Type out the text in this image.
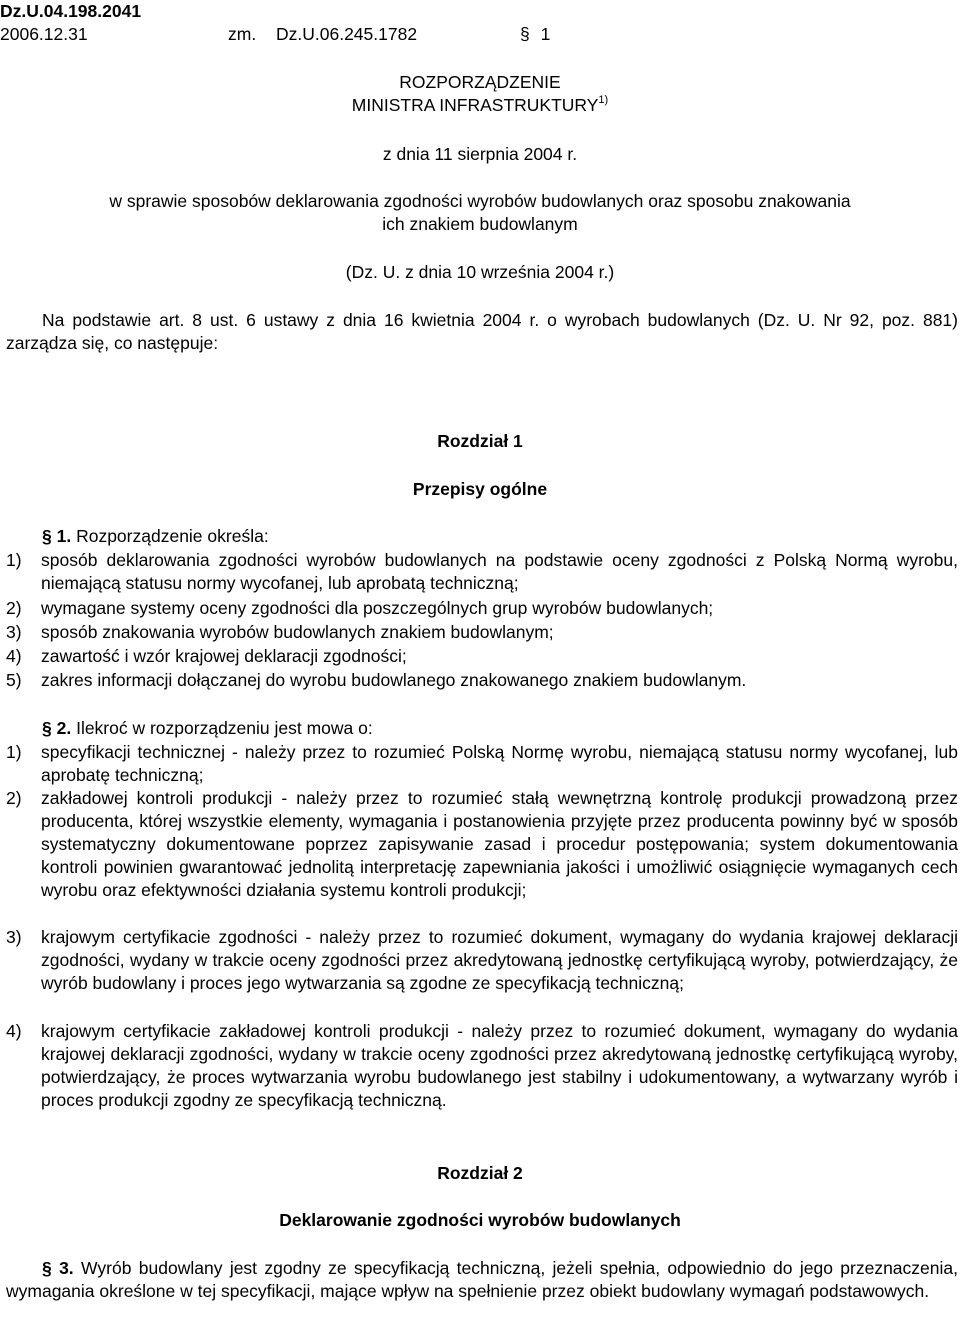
Dz.U.04.198.2041
2006.12.31	zm. Dz.U.06.245.1782	§ 1
ROZPORZĄDZENIE
MINISTRA INFRASTRUKTURY$^{1)}$
z dnia 11 sierpnia 2004 r.
w sprawie sposobów deklarowania zgodności wyrobów budowlanych oraz sposobu znakowania
ich znakiem budowlanym
(Dz. U. z dnia 10 września 2004 r.)
Na podstawie art. 8 ust. 6 ustawy z dnia 16 kwietnia 2004 r. o wyrobach budowlanych (Dz. U. Nr 92, poz. 881) zarządza się, co następuje:
Rozdział 1
Przepisy ogólne
§ 1. Rozporządzenie określa:
1) sposób deklarowania zgodności wyrobów budowlanych na podstawie oceny zgodności z Polską Normą wyrobu, niemającą statusu normy wycofanej, lub aprobatą techniczną;
2) wymagane systemy oceny zgodności dla poszczególnych grup wyrobów budowlanych;
3) sposób znakowania wyrobów budowlanych znakiem budowlanym;
4) zawartość i wzór krajowej deklaracji zgodności;
5) zakres informacji dołączanej do wyrobu budowlanego znakowanego znakiem budowlanym.
§ 2. Ilekroć w rozporządzeniu jest mowa o:
1) specyfikacji technicznej - należy przez to rozumieć Polską Normę wyrobu, niemającą statusu normy wycofanej, lub aprobatę techniczną;
2) zakładowej kontroli produkcji - należy przez to rozumieć stałą wewnętrzną kontrolę produkcji prowadzoną przez producenta, której wszystkie elementy, wymagania i postanowienia przyjęte przez producenta powinny być w sposób systematyczny dokumentowane poprzez zapisywanie zasad i procedur postępowania; system dokumentowania kontroli powinien gwarantować jednolitą interpretację zapewniania jakości i umożliwić osiągnięcie wymaganych cech wyrobu oraz efektywności działania systemu kontroli produkcji;
3) krajowym certyfikacie zgodności - należy przez to rozumieć dokument, wymagany do wydania krajowej deklaracji zgodności, wydany w trakcie oceny zgodności przez akredytowaną jednostkę certyfikującą wyroby, potwierdzający, że wyrób budowlany i proces jego wytwarzania są zgodne ze specyfikacją techniczną;
4) krajowym certyfikacie zakładowej kontroli produkcji - należy przez to rozumieć dokument, wymagany do wydania krajowej deklaracji zgodności, wydany w trakcie oceny zgodności przez akredytowaną jednostkę certyfikującą wyroby, potwierdzający, że proces wytwarzania wyrobu budowlanego jest stabilny i udokumentowany, a wytwarzany wyrób i proces produkcji zgodny ze specyfikacją techniczną.
Rozdział 2
Deklarowanie zgodności wyrobów budowlanych
§ 3. Wyrób budowlany jest zgodny ze specyfikacją techniczną, jeżeli spełnia, odpowiednio do jego przeznaczenia, wymagania określone w tej specyfikacji, mające wpływ na spełnienie przez obiekt budowlany wymagań podstawowych.
